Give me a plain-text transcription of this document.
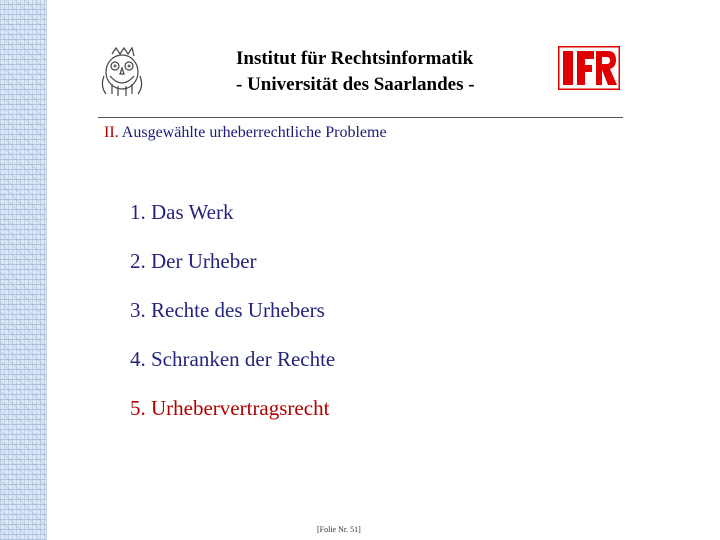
Institut für Rechtsinformatik
- Universität des Saarlandes -
II. Ausgewählte urheberrechtliche Probleme
1. Das Werk
2. Der Urheber
3. Rechte des Urhebers
4. Schranken der Rechte
5. Urhebervertragsrecht
[Folie Nr. 51]
